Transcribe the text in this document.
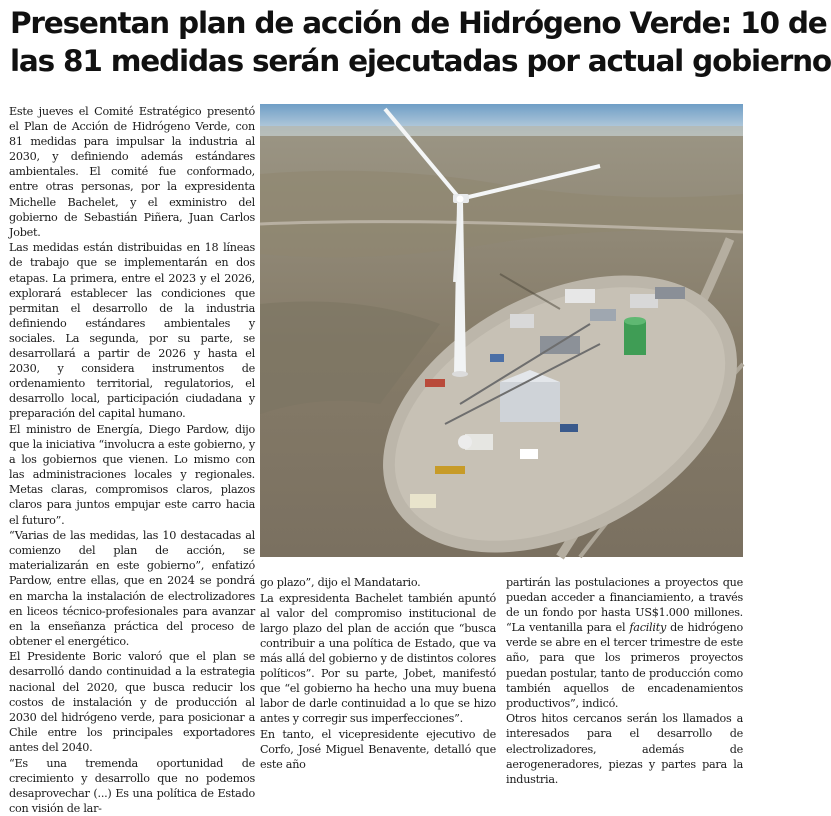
Presentan plan de acción de Hidrógeno Verde: 10 de
las 81 medidas serán ejecutadas por actual gobierno

Este jueves el Comité Estratégico presentó el Plan de Acción de Hidrógeno Verde, con 81 medidas para impulsar la industria al 2030, y definiendo además estándares ambientales. El comité fue conformado, entre otras personas, por la expresidenta Michelle Bachelet, y el exministro del gobierno de Sebastián Piñera, Juan Carlos Jobet.

Las medidas están distribuidas en 18 líneas de trabajo que se implementarán en dos etapas. La primera, entre el 2023 y el 2026, explorará establecer las condiciones que permitan el desarrollo de la industria definiendo estándares ambientales y sociales. La segunda, por su parte, se desarrollará a partir de 2026 y hasta el 2030, y considera instrumentos de ordenamiento territorial, regulatorios, el desarrollo local, participación ciudadana y preparación del capital humano.

El ministro de Energía, Diego Pardow, dijo que la iniciativa “involucra a este gobierno, y a los gobiernos que vienen. Lo mismo con las administraciones locales y regionales. Metas claras, compromisos claros, plazos claros para juntos empujar este carro hacia el futuro”.

“Varias de las medidas, las 10 destacadas al comienzo del plan de acción, se materializarán en este gobierno”, enfatizó Pardow, entre ellas, que en 2024 se pondrá en marcha la instalación de electrolizadores en liceos técnico-profesionales para avanzar en la enseñanza práctica del proceso de obtener el energético.

El Presidente Boric valoró que el plan se desarrolló dando continuidad a la estrategia nacional del 2020, que busca reducir los costos de instalación y de producción al 2030 del hidrógeno verde, para posicionar a Chile entre los principales exportadores antes del 2040.

“Es una tremenda oportunidad de crecimiento y desarrollo que no podemos desaprovechar (...) Es una política de Estado con visión de lar-

go plazo”, dijo el Mandatario.

La expresidenta Bachelet también apuntó al valor del compromiso institucional de largo plazo del plan de acción que “busca contribuir a una política de Estado, que va más allá del gobierno y de distintos colores políticos”. Por su parte, Jobet, manifestó que “el gobierno ha hecho una muy buena labor de darle continuidad a lo que se hizo antes y corregir sus imperfecciones”.

En tanto, el vicepresidente ejecutivo de Corfo, José Miguel Benavente, detalló que este año

partirán las postulaciones a proyectos que puedan acceder a financiamiento, a través de un fondo por hasta US$1.000 millones. “La ventanilla para el facility de hidrógeno verde se abre en el tercer trimestre de este año, para que los primeros proyectos puedan postular, tanto de producción como también aquellos de encadenamientos productivos”, indicó.

Otros hitos cercanos serán los llamados a interesados para el desarrollo de electrolizadores, además de aerogeneradores, piezas y partes para la industria.
